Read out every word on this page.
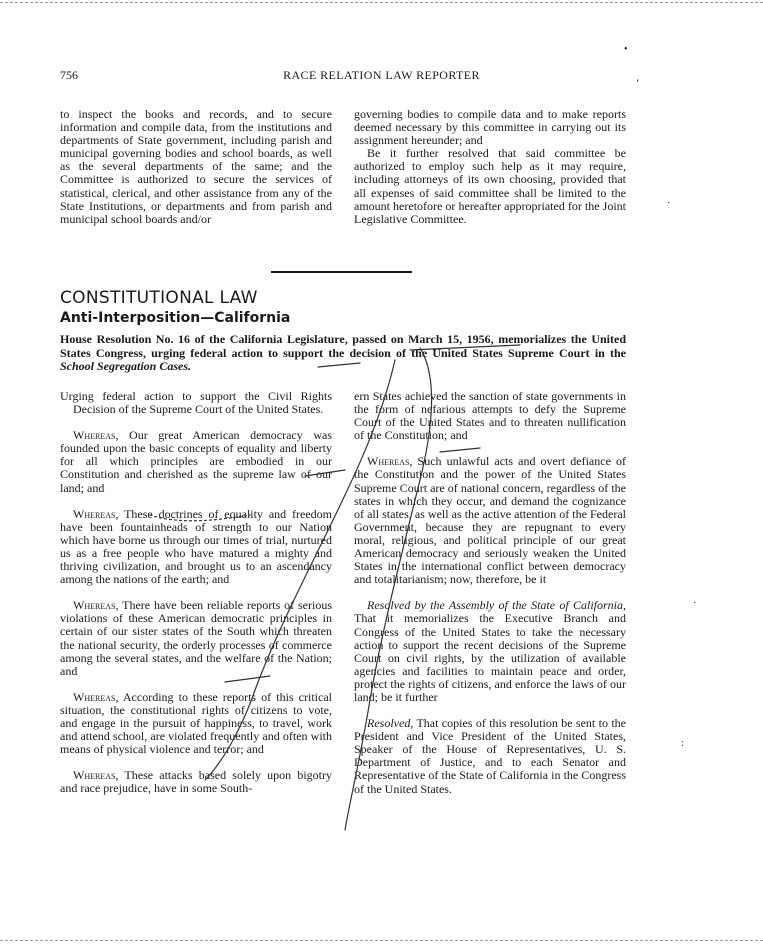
756	RACE RELATION LAW REPORTER
•
ʻ

to inspect the books and records, and to secure information and compile data, from the institutions and departments of State government, including parish and municipal governing bodies and school boards, as well as the several departments of the same; and the Committee is authorized to secure the services of statistical, clerical, and other assistance from any of the State Institutions, or departments and from parish and municipal school boards and/or

governing bodies to compile data and to make reports deemed necessary by this committee in carrying out its assignment hereunder; and

Be it further resolved that said committee be authorized to employ such help as it may require, including attorneys of its own choosing, provided that all expenses of said committee shall be limited to the amount heretofore or hereafter appropriated for the Joint Legislative Committee.

CONSTITUTIONAL LAW
Anti-Interposition—California
House Resolution No. 16 of the California Legislature, passed on March 15, 1956, memorializes the United States Congress, urging federal action to support the decision of the United States Supreme Court in the School Segregation Cases.

Urging federal action to support the Civil Rights Decision of the Supreme Court of the United States.

Whereas, Our great American democracy was founded upon the basic concepts of equality and liberty for all which principles are embodied in our Constitution and cherished as the supreme law of our land; and

Whereas, These doctrines of equality and freedom have been fountainheads of strength to our Nation which have borne us through our times of trial, nurtured us as a free people who have matured a mighty and thriving civilization, and brought us to an ascendancy among the nations of the earth; and

Whereas, There have been reliable reports of serious violations of these American democratic principles in certain of our sister states of the South which threaten the national security, the orderly processes of commerce among the several states, and the welfare of the Nation; and

Whereas, According to these reports of this critical situation, the constitutional rights of citizens to vote, and engage in the pursuit of happiness, to travel, work and attend school, are violated frequently and often with means of physical violence and terror; and

Whereas, These attacks based solely upon bigotry and race prejudice, have in some South-

ern States achieved the sanction of state governments in the form of nefarious attempts to defy the Supreme Court of the United States and to threaten nullification of the Constitution; and

Whereas, Such unlawful acts and overt defiance of the Constitution and the power of the United States Supreme Court are of national concern, regardless of the states in which they occur, and demand the cognizance of all states, as well as the active attention of the Federal Government, because they are repugnant to every moral, religious, and political principle of our great American democracy and seriously weaken the United States in the international conflict between democracy and totalitarianism; now, therefore, be it

Resolved by the Assembly of the State of California, That it memorializes the Executive Branch and Congress of the United States to take the necessary action to support the recent decisions of the Supreme Court on civil rights, by the utilization of available agencies and facilities to maintain peace and order, protect the rights of citizens, and enforce the laws of our land; be it further

Resolved, That copies of this resolution be sent to the President and Vice President of the United States, Speaker of the House of Representatives, U. S. Department of Justice, and to each Senator and Representative of the State of California in the Congress of the United States.

·
·
:
